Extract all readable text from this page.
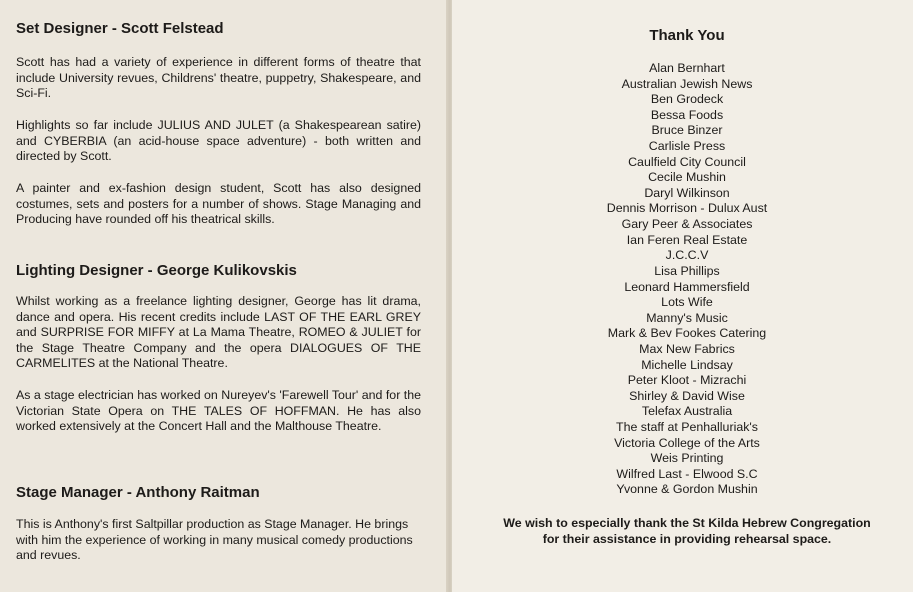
Set Designer - Scott Felstead

Scott has had a variety of experience in different forms of theatre that include University revues, Childrens' theatre, puppetry, Shakespeare, and Sci-Fi.

Highlights so far include JULIUS AND JULET (a Shakespearean satire) and CYBERBIA (an acid-house space adventure) - both written and directed by Scott.

A painter and ex-fashion design student, Scott has also designed costumes, sets and posters for a number of shows. Stage Managing and Producing have rounded off his theatrical skills.

Lighting Designer - George Kulikovskis

Whilst working as a freelance lighting designer, George has lit drama, dance and opera. His recent credits include LAST OF THE EARL GREY and SURPRISE FOR MIFFY at La Mama Theatre, ROMEO & JULIET for the Stage Theatre Company and the opera DIALOGUES OF THE CARMELITES at the National Theatre.

As a stage electrician has worked on Nureyev's 'Farewell Tour' and for the Victorian State Opera on THE TALES OF HOFFMAN. He has also worked extensively at the Concert Hall and the Malthouse Theatre.

Stage Manager - Anthony Raitman

This is Anthony's first Saltpillar production as Stage Manager. He brings with him the experience of working in many musical comedy productions and revues.

Thank You
Alan Bernhart
Australian Jewish News
Ben Grodeck
Bessa Foods
Bruce Binzer
Carlisle Press
Caulfield City Council
Cecile Mushin
Daryl Wilkinson
Dennis Morrison - Dulux Aust
Gary Peer & Associates
Ian Feren Real Estate
J.C.C.V
Lisa Phillips
Leonard Hammersfield
Lots Wife
Manny's Music
Mark & Bev Fookes Catering
Max New Fabrics
Michelle Lindsay
Peter Kloot - Mizrachi
Shirley & David Wise
Telefax Australia
The staff at Penhalluriak's
Victoria College of the Arts
Weis Printing
Wilfred Last - Elwood S.C
Yvonne & Gordon Mushin
We wish to especially thank the St Kilda Hebrew Congregation
for their assistance in providing rehearsal space.
